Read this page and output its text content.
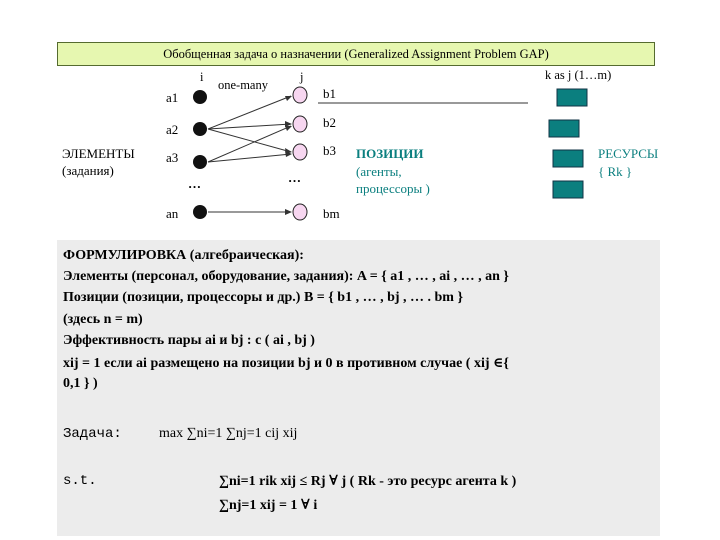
Обобщенная задача о назначении (Generalized Assignment Problem GAP)
i
one-many
j	k as j (1…m)
a1
a2
a3
…
an
b1
b2
b3
…
bm
ЭЛЕМЕНТЫ
(задания)
ПОЗИЦИИ
(агенты,
процессоры )
РЕСУРСЫ
{ Rk }
ФОРМУЛИРОВКА (алгебраическая):
Элементы (персонал, оборудование, задания): A = { a1 , … , ai , … , an }
Позиции (позиции, процессоры и др.) B = { b1 , … , bj , … . bm }
(здесь n = m)
Эффективность пары ai и bj : c ( ai , bj )
xij = 1 если ai размещено на позиции bj и 0 в противном случае ( xij ∈{
0,1 } )
Задача:	max ∑ni=1 ∑nj=1 cij xij
s.t.	∑ni=1 rik xij ≤ Rj ∀ j ( Rk - это ресурс агента k )
∑nj=1 xij = 1 ∀ i
